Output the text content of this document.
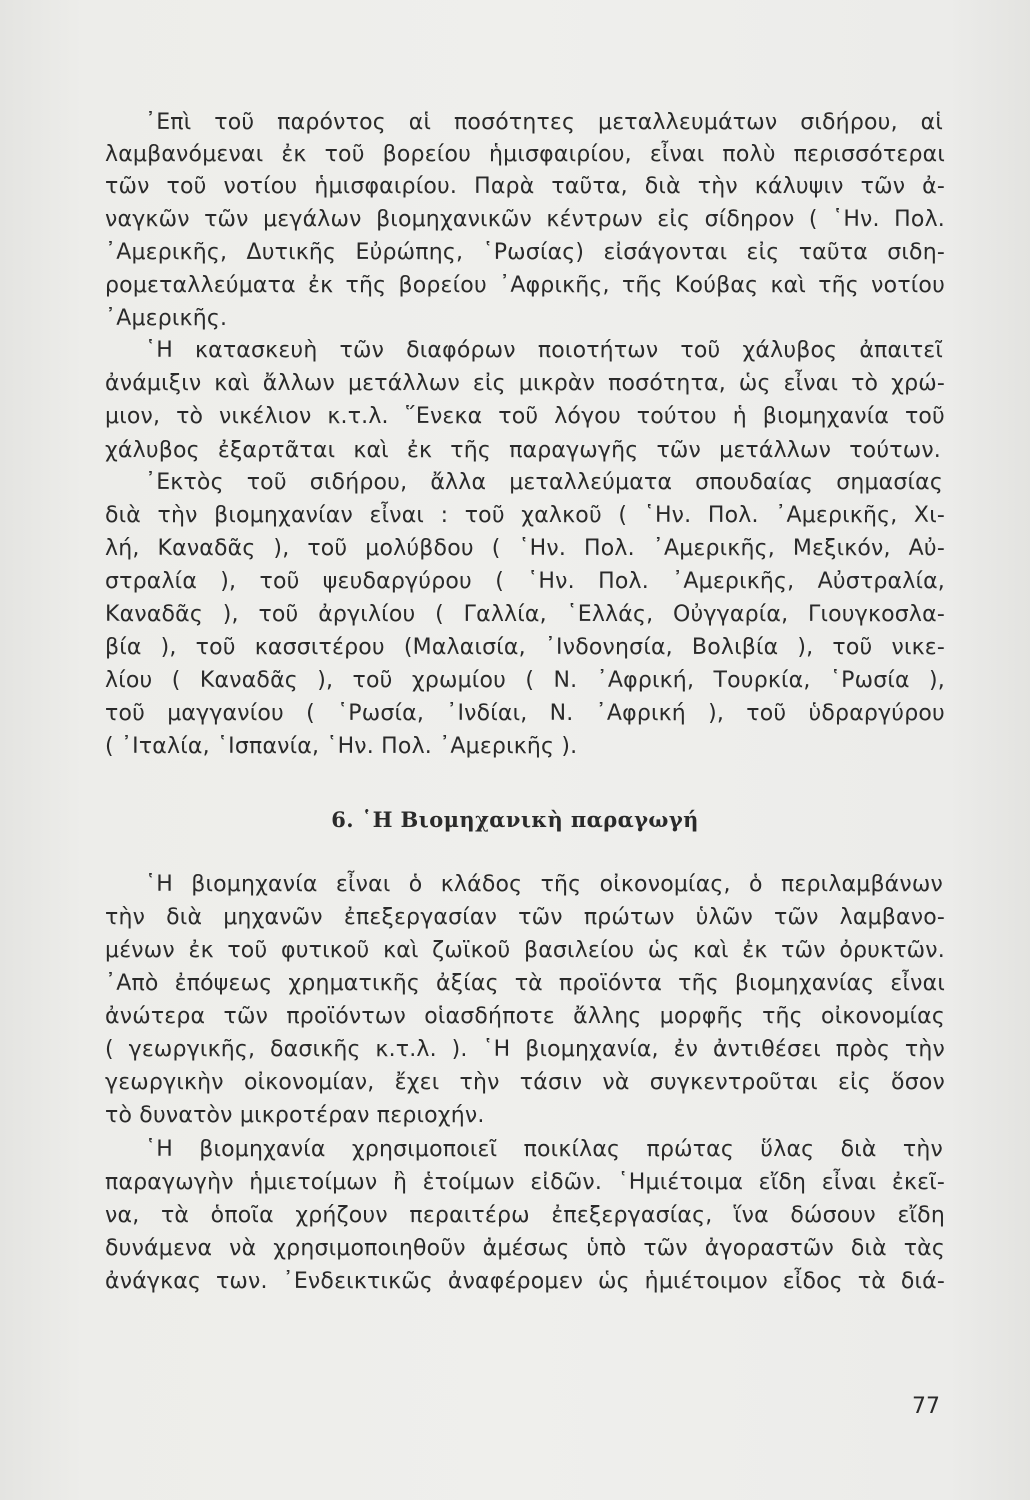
᾿Επὶ τοῦ παρόντος αἱ ποσότητες μεταλλευμάτων σιδήρου, αἱ
λαμβανόμεναι ἐκ τοῦ βορείου ἡμισφαιρίου, εἶναι πολὺ περισσότεραι
τῶν τοῦ νοτίου ἡμισφαιρίου. Παρὰ ταῦτα, διὰ τὴν κάλυψιν τῶν ἀ-
ναγκῶν τῶν μεγάλων βιομηχανικῶν κέντρων εἰς σίδηρον ( ῾Ην. Πολ.
᾿Αμερικῆς, Δυτικῆς Εὐρώπης, ῾Ρωσίας) εἰσάγονται εἰς ταῦτα σιδη-
ρομεταλλεύματα ἐκ τῆς βορείου ᾿Αφρικῆς, τῆς Κούβας καὶ τῆς νοτίου
᾿Αμερικῆς.
῾Η κατασκευὴ τῶν διαφόρων ποιοτήτων τοῦ χάλυβος ἀπαιτεῖ
ἀνάμιξιν καὶ ἄλλων μετάλλων εἰς μικρὰν ποσότητα, ὡς εἶναι τὸ χρώ-
μιον, τὸ νικέλιον κ.τ.λ. ῞Ενεκα τοῦ λόγου τούτου ἡ βιομηχανία τοῦ
χάλυβος ἐξαρτᾶται καὶ ἐκ τῆς παραγωγῆς τῶν μετάλλων τούτων.
᾿Εκτὸς τοῦ σιδήρου, ἄλλα μεταλλεύματα σπουδαίας σημασίας
διὰ τὴν βιομηχανίαν εἶναι : τοῦ χαλκοῦ ( ῾Ην. Πολ. ᾿Αμερικῆς, Χι-
λή, Καναδᾶς ), τοῦ μολύβδου ( ῾Ην. Πολ. ᾿Αμερικῆς, Μεξικόν, Αὐ-
στραλία ), τοῦ ψευδαργύρου ( ῾Ην. Πολ. ᾿Αμερικῆς, Αὐστραλία,
Καναδᾶς ), τοῦ ἀργιλίου ( Γαλλία, ῾Ελλάς, Οὐγγαρία, Γιουγκοσλα-
βία ), τοῦ κασσιτέρου (Μαλαισία, ᾿Ινδονησία, Βολιβία ), τοῦ νικε-
λίου ( Καναδᾶς ), τοῦ χρωμίου ( Ν. ᾿Αφρική, Τουρκία, ῾Ρωσία ),
τοῦ μαγγανίου ( ῾Ρωσία, ᾿Ινδίαι, Ν. ᾿Αφρική ), τοῦ ὑδραργύρου
( ᾿Ιταλία, ῾Ισπανία, ῾Ην. Πολ. ᾿Αμερικῆς ).
6. ῾Η Βιομηχανικὴ παραγωγή
῾Η βιομηχανία εἶναι ὁ κλάδος τῆς οἰκονομίας, ὁ περιλαμβάνων
τὴν διὰ μηχανῶν ἐπεξεργασίαν τῶν πρώτων ὑλῶν τῶν λαμβανο-
μένων ἐκ τοῦ φυτικοῦ καὶ ζωϊκοῦ βασιλείου ὡς καὶ ἐκ τῶν ὀρυκτῶν.
᾿Απὸ ἐπόψεως χρηματικῆς ἀξίας τὰ προϊόντα τῆς βιομηχανίας εἶναι
ἀνώτερα τῶν προϊόντων οἱασδήποτε ἄλλης μορφῆς τῆς οἰκονομίας
( γεωργικῆς, δασικῆς κ.τ.λ. ). ῾Η βιομηχανία, ἐν ἀντιθέσει πρὸς τὴν
γεωργικὴν οἰκονομίαν, ἔχει τὴν τάσιν νὰ συγκεντροῦται εἰς ὅσον
τὸ δυνατὸν μικροτέραν περιοχήν.
῾Η βιομηχανία χρησιμοποιεῖ ποικίλας πρώτας ὕλας διὰ τὴν
παραγωγὴν ἡμιετοίμων ἢ ἑτοίμων εἰδῶν. ῾Ημιέτοιμα εἴδη εἶναι ἐκεῖ-
να, τὰ ὁποῖα χρήζουν περαιτέρω ἐπεξεργασίας, ἵνα δώσουν εἴδη
δυνάμενα νὰ χρησιμοποιηθοῦν ἀμέσως ὑπὸ τῶν ἀγοραστῶν διὰ τὰς
ἀνάγκας των. ᾿Ενδεικτικῶς ἀναφέρομεν ὡς ἡμιέτοιμον εἶδος τὰ διά-
77
